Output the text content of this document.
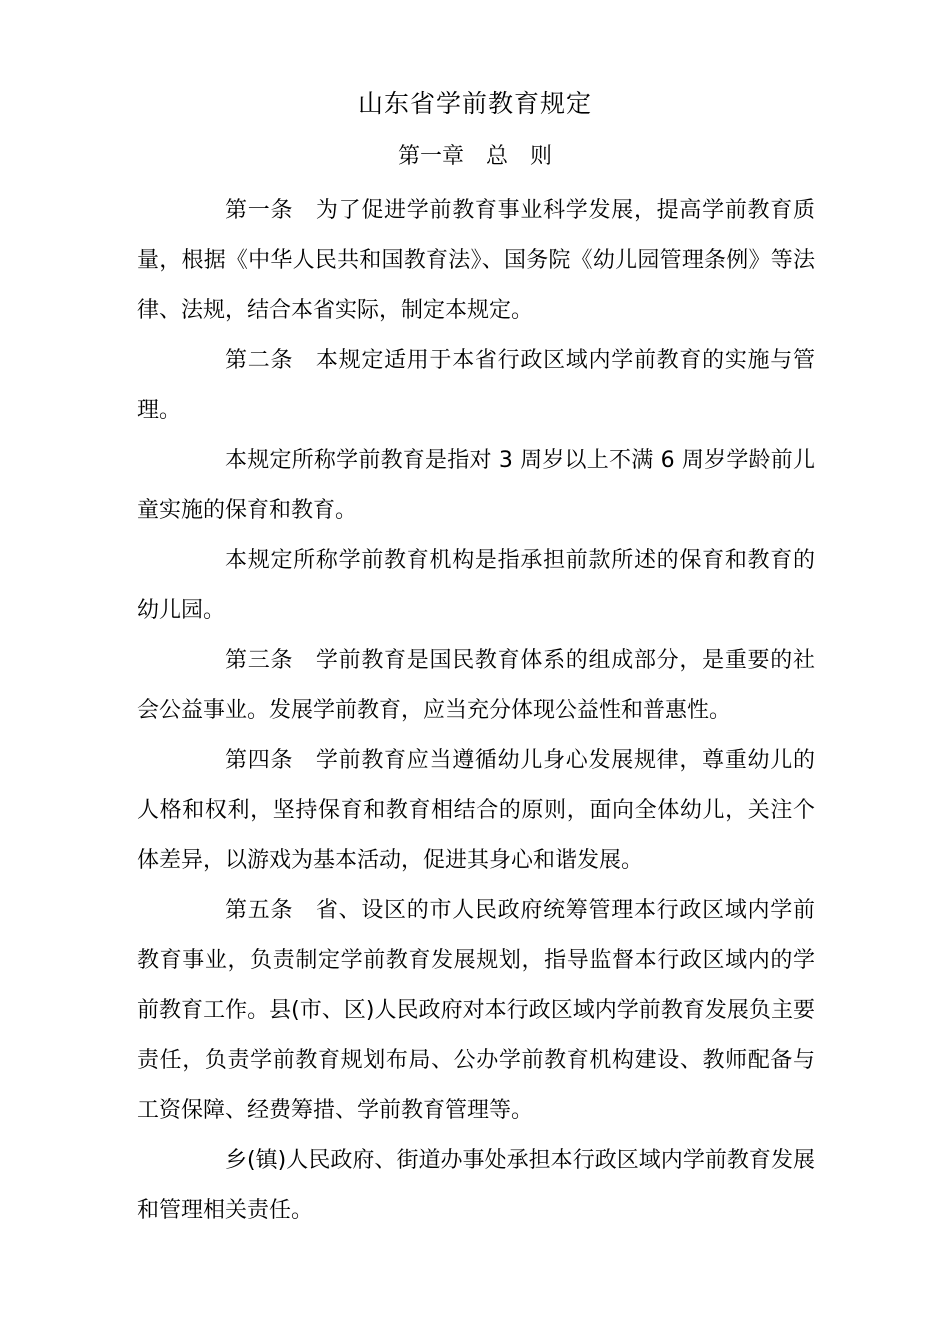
山东省学前教育规定
第一章　总　则

第一条　为了促进学前教育事业科学发展，提高学前教育质量，根据《中华人民共和国教育法》、国务院《幼儿园管理条例》等法律、法规，结合本省实际，制定本规定。

第二条　本规定适用于本省行政区域内学前教育的实施与管理。

本规定所称学前教育是指对 3 周岁以上不满 6 周岁学龄前儿童实施的保育和教育。

本规定所称学前教育机构是指承担前款所述的保育和教育的幼儿园。

第三条　学前教育是国民教育体系的组成部分，是重要的社会公益事业。发展学前教育，应当充分体现公益性和普惠性。

第四条　学前教育应当遵循幼儿身心发展规律，尊重幼儿的人格和权利，坚持保育和教育相结合的原则，面向全体幼儿，关注个体差异，以游戏为基本活动，促进其身心和谐发展。

第五条　省、设区的市人民政府统筹管理本行政区域内学前教育事业，负责制定学前教育发展规划，指导监督本行政区域内的学前教育工作。县(市、区)人民政府对本行政区域内学前教育发展负主要责任，负责学前教育规划布局、公办学前教育机构建设、教师配备与工资保障、经费筹措、学前教育管理等。

乡(镇)人民政府、街道办事处承担本行政区域内学前教育发展和管理相关责任。
